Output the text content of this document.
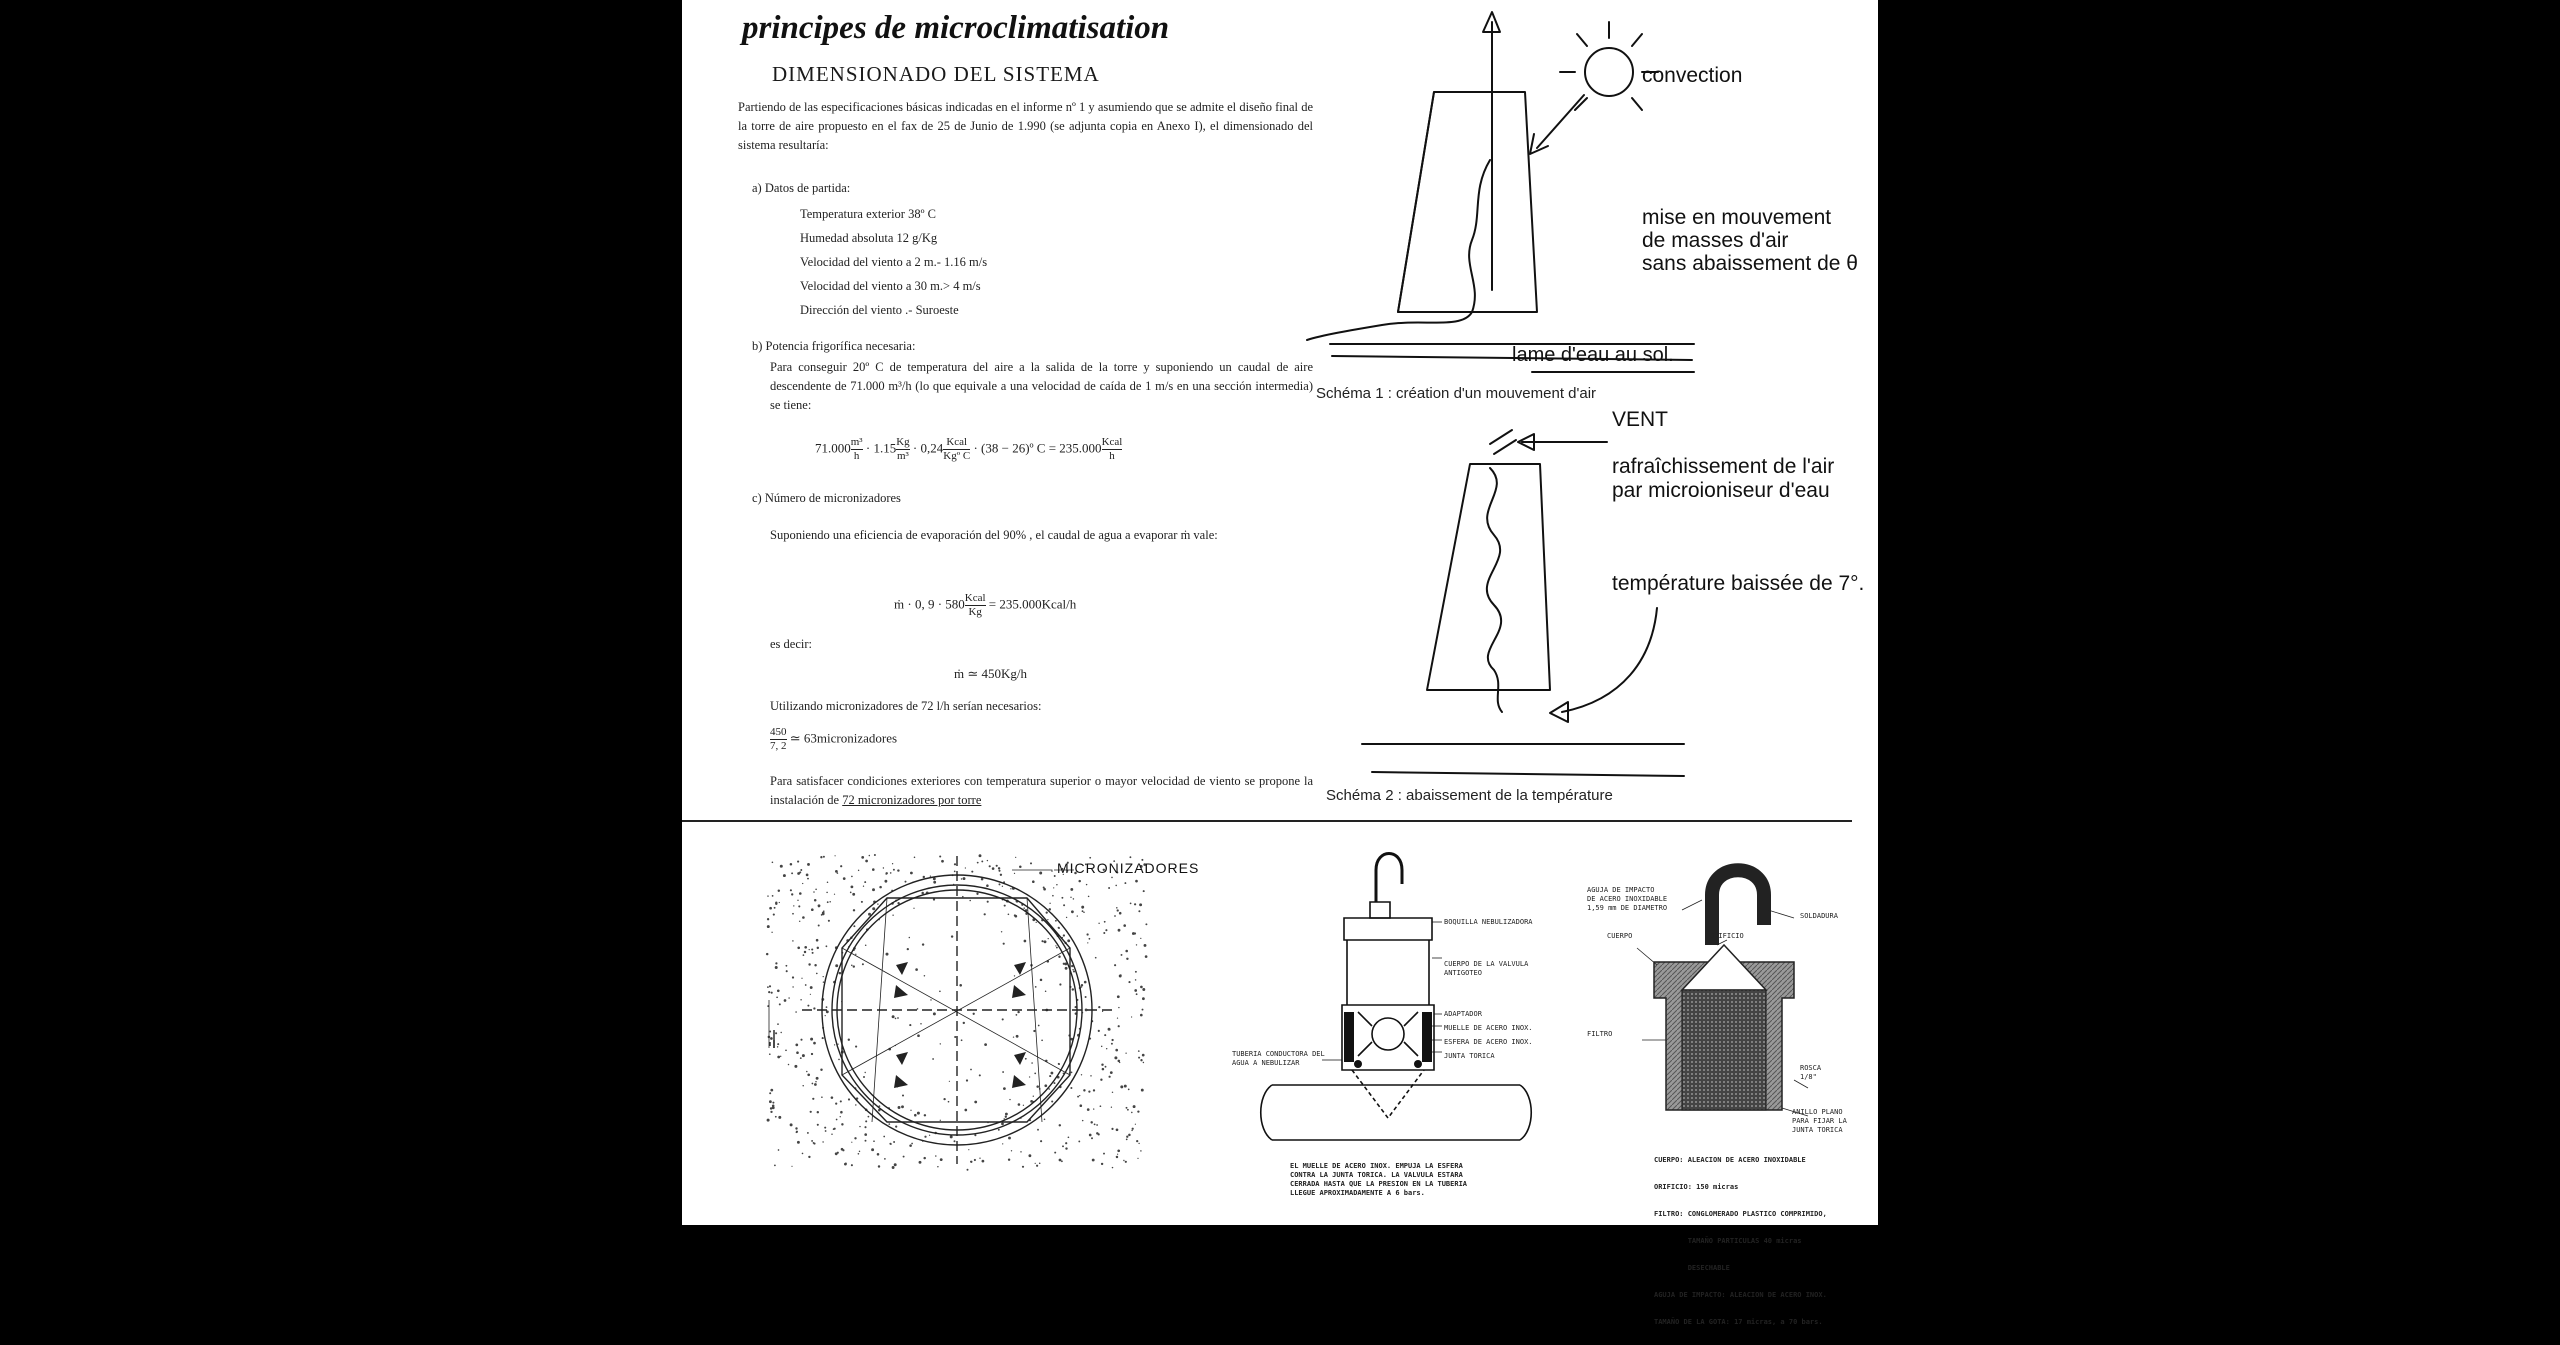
principes de microclimatisation
DIMENSIONADO DEL SISTEMA

Partiendo de las especificaciones básicas indicadas en el informe nº 1 y asumiendo que se admite el diseño final de la torre de aire propuesto en el fax de 25 de Junio de 1.990 (se adjunta copia en Anexo I), el dimensionado del sistema resultaría:

a) Datos de partida:
Temperatura exterior 38º C
Humedad absoluta 12 g/Kg
Velocidad del viento a 2 m.- 1.16 m/s
Velocidad del viento a 30 m.> 4 m/s
Dirección del viento .- Suroeste
b) Potencia frigorífica necesaria:

Para conseguir 20º C de temperatura del aire a la salida de la torre y suponiendo un caudal de aire descendente de 71.000 m³/h (lo que equivale a una velocidad de caída de 1 m/s en una sección intermedia) se tiene:

$71.000 \frac{\text{m³}}{h} \cdot 1.15 \frac{Kg}{\text{m³}} \cdot 0,24 \frac{\text{Kcal}}{\text{Kgº C}} \cdot (38$ − 26)º $C = 235.000 \frac{\text{Kcal}}{h}$
c) Número de micronizadores

Suponiendo una eficiencia de evaporación del 90% , el caudal de agua a evaporar ṁ vale:

ṁ · 0, $9 \cdot 580 \frac{\text{Kcal}}{Kg}$ = 235.000Kcal/h
es decir:
ṁ ≃ 450Kg/h
Utilizando micronizadores de 72 l/h serían necesarios:
$\frac{450}{7, 2}$ ≃ 63micronizadores

Para satisfacer condiciones exteriores con temperatura superior o mayor velocidad de viento se propone la instalación de 72 micronizadores por torre

convection
mise en mouvement
de masses d'air
sans abaissement de θ
lame d'eau au sol.
Schéma 1 : création d'un mouvement d'air
VENT
rafraîchissement de l'air
par microioniseur d'eau
température baissée de 7°.
Schéma 2 : abaissement de la température
MICRONIZADORES
BOQUILLA NEBULIZADORA
CUERPO DE LA VALVULA
ANTIGOTEO
ADAPTADOR
MUELLE DE ACERO INOX.
ESFERA DE ACERO INOX.
JUNTA TORICA
TUBERIA CONDUCTORA DEL
AGUA A NEBULIZAR
EL MUELLE DE ACERO INOX. EMPUJA LA ESFERA
CONTRA LA JUNTA TORICA. LA VALVULA ESTARA
CERRADA HASTA QUE LA PRESION EN LA TUBERIA
LLEGUE APROXIMADAMENTE A 6 bars.
AGUJA DE IMPACTO
DE ACERO INOXIDABLE
1,59 mm DE DIAMETRO
SOLDADURA
ORIFICIO
CUERPO
FILTRO
ROSCA
1/8"
ANILLO PLANO
PARA FIJAR LA
JUNTA TORICA

CUERPO: ALEACION DE ACERO INOXIDABLE

ORIFICIO: 150 micras

FILTRO: CONGLOMERADO PLASTICO COMPRIMIDO,

TAMAÑO PARTICULAS 40 micras

DESECHABLE

AGUJA DE IMPACTO: ALEACION DE ACERO INOX.

TAMAÑO DE LA GOTA: 17 micras, a 70 bars.
